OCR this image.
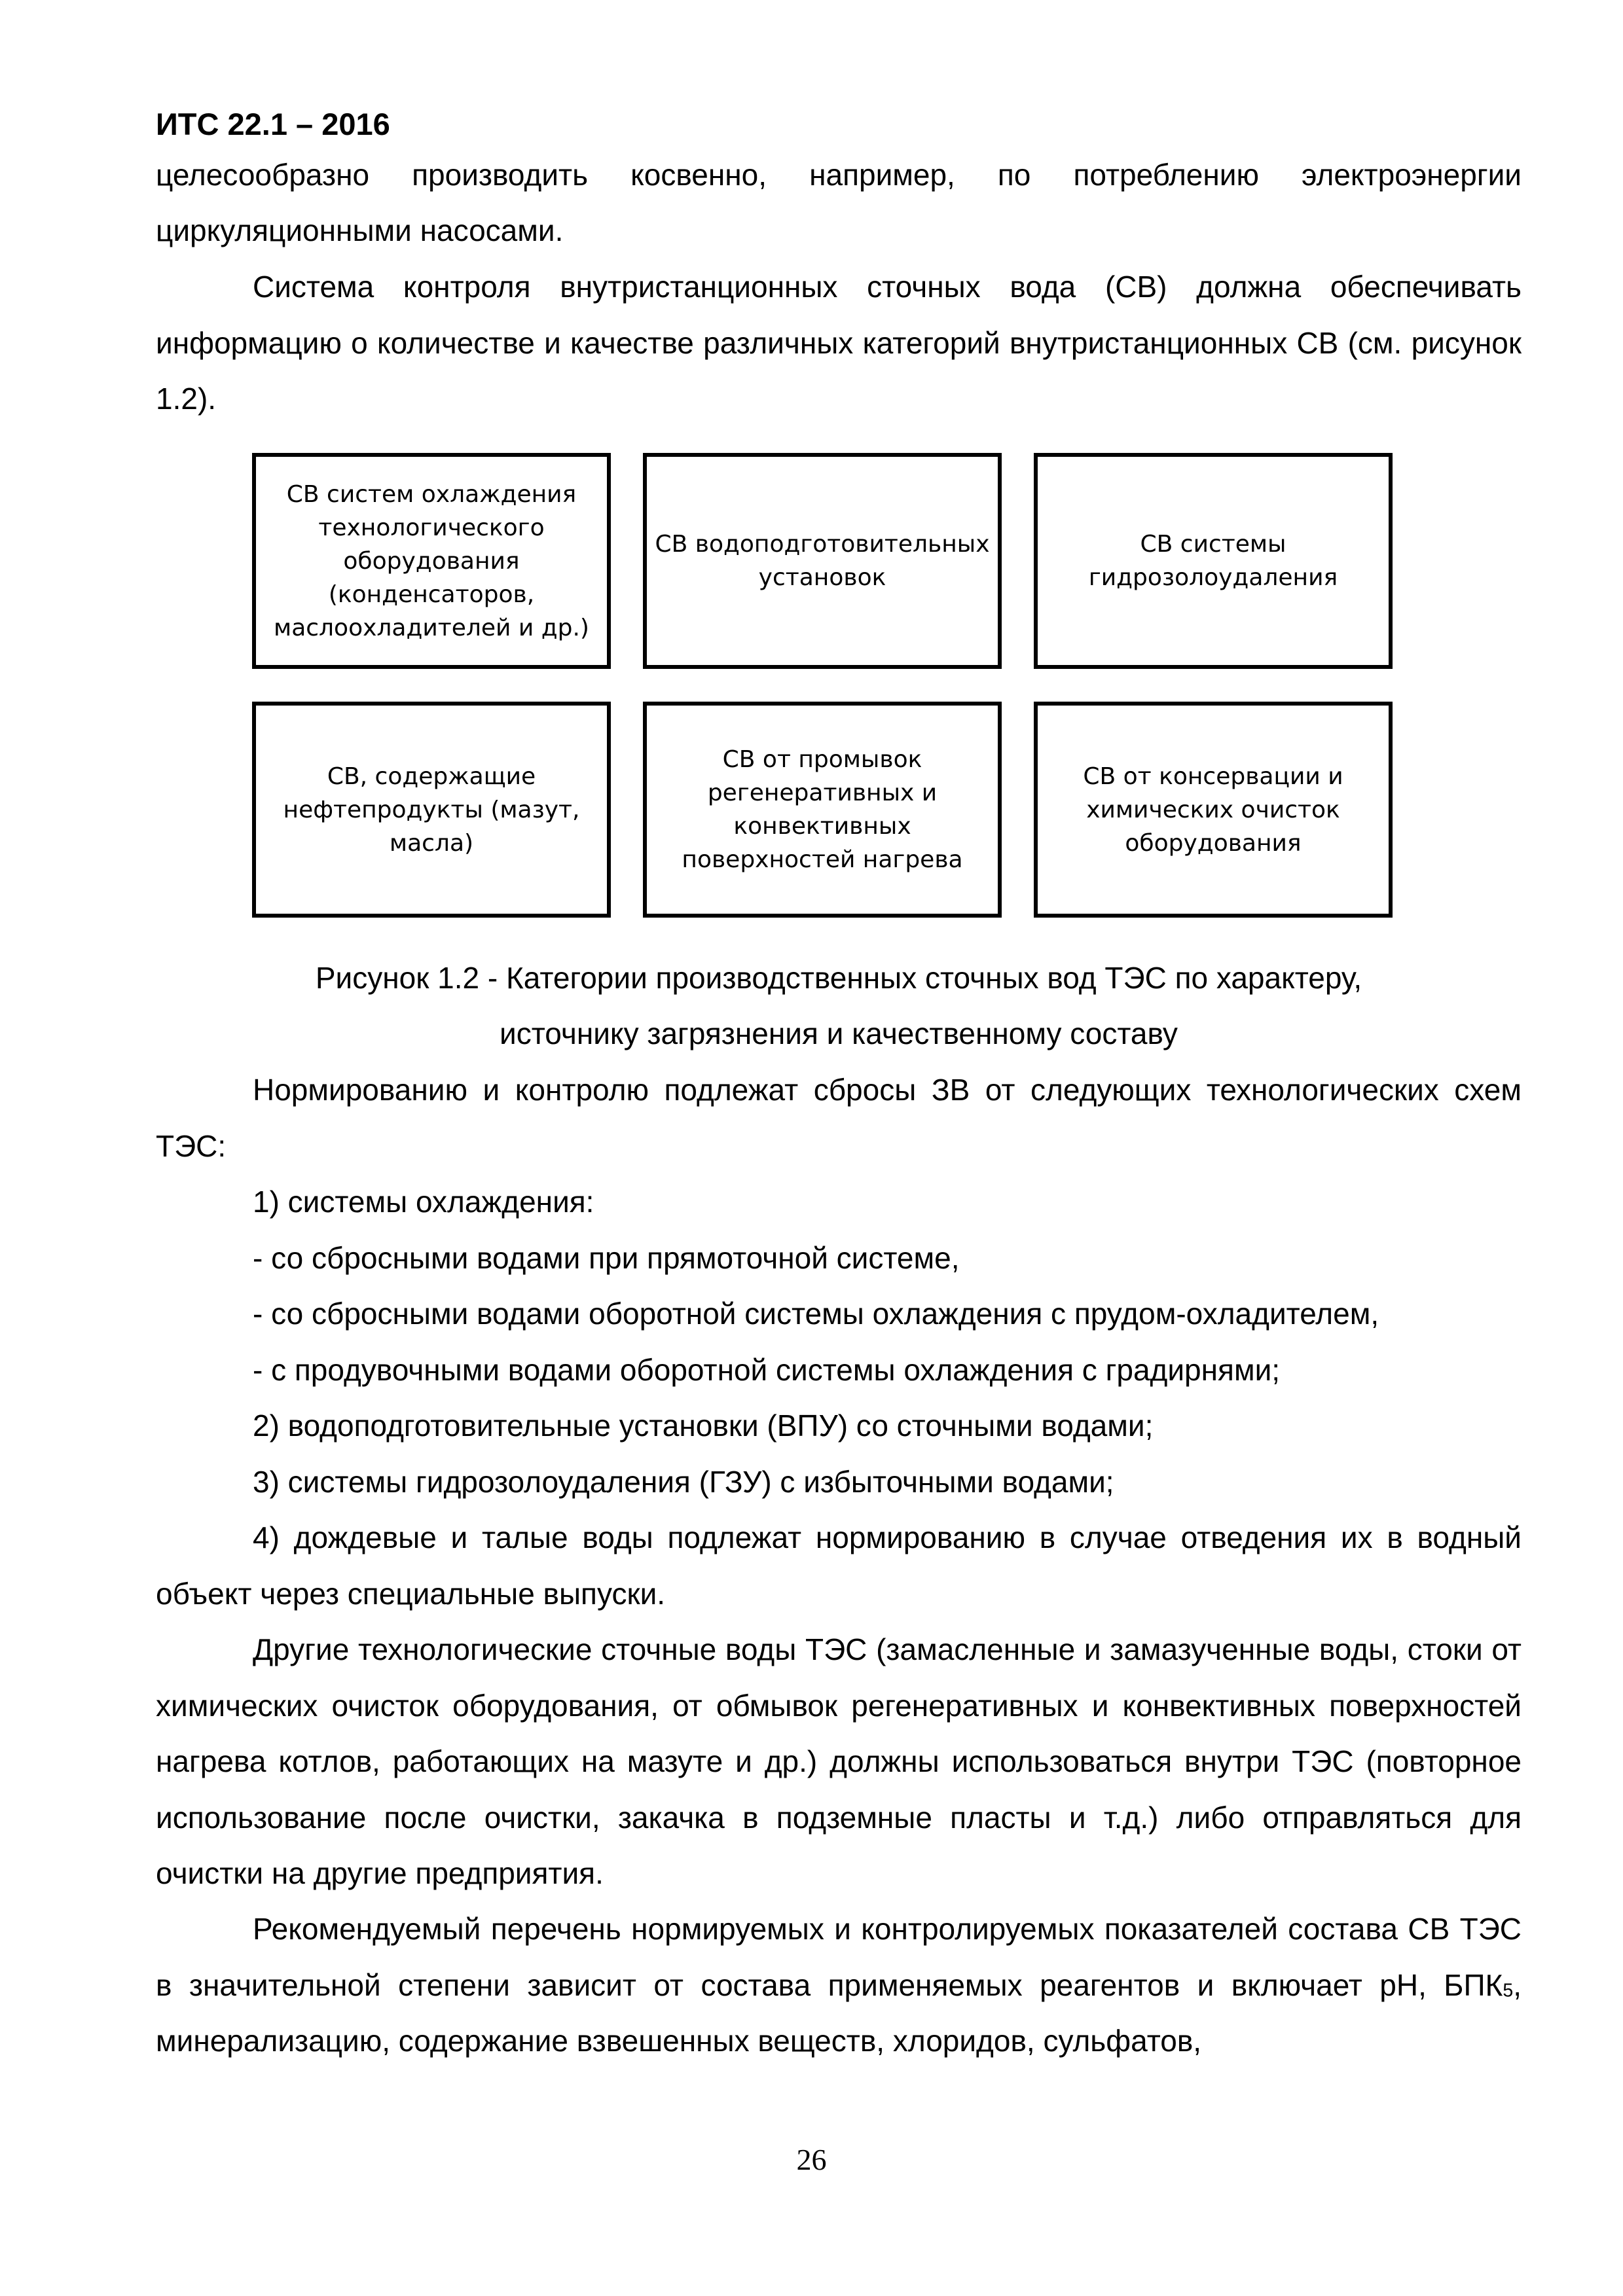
ИТС 22.1 – 2016

целесообразно производить косвенно, например, по потреблению электроэнергии

циркуляционными насосами.

Система контроля внутристанционных сточных вода (СВ) должна обеспечивать информацию о количестве и качестве различных категорий внутристанционных СВ (см. рисунок 1.2).

СВ систем охлаждения
технологического
оборудования
(конденсаторов,
маслоохладителей и др.)
СВ водоподготовительных
установок
СВ системы
гидрозолоудаления
СВ, содержащие
нефтепродукты (мазут,
масла)
СВ от промывок
регенеративных и
конвективных
поверхностей нагрева
СВ от консервации и
химических очисток
оборудования

Рисунок 1.2 - Категории производственных сточных вод ТЭС по характеру,

источнику загрязнения и качественному составу

Нормированию и контролю подлежат сбросы ЗВ от следующих технологических схем ТЭС:

1) системы охлаждения:

- со сбросными водами при прямоточной системе,

- со сбросными водами оборотной системы охлаждения с прудом-охладителем,

- с продувочными водами оборотной системы охлаждения с градирнями;

2) водоподготовительные установки (ВПУ) со сточными водами;

3) системы гидрозолоудаления (ГЗУ) с избыточными водами;

4) дождевые и талые воды подлежат нормированию в случае отведения их в водный объект через специальные выпуски.

Другие технологические сточные воды ТЭС (замасленные и замазученные воды, стоки от химических очисток оборудования, от обмывок регенеративных и конвективных поверхностей нагрева котлов, работающих на мазуте и др.) должны использоваться внутри ТЭС (повторное использование после очистки, закачка в подземные пласты и т.д.) либо отправляться для очистки на другие предприятия.

Рекомендуемый перечень нормируемых и контролируемых показателей состава СВ ТЭС в значительной степени зависит от состава применяемых реагентов и включает pH, $БПК_5$, минерализацию, содержание взвешенных веществ, хлоридов, сульфатов,

26
